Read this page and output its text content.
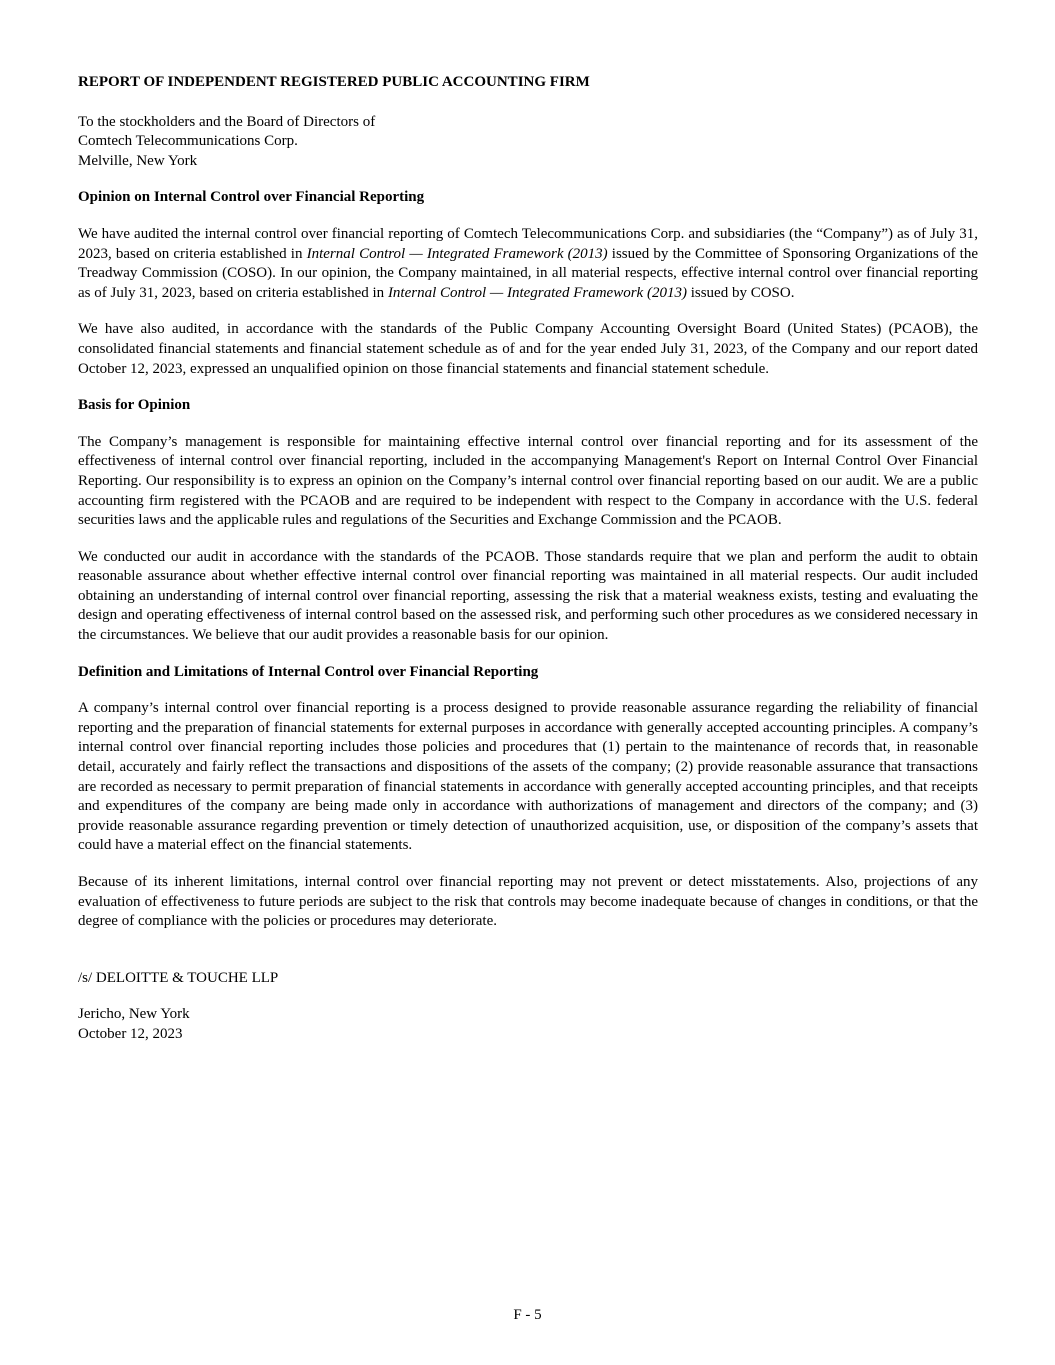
REPORT OF INDEPENDENT REGISTERED PUBLIC ACCOUNTING FIRM
To the stockholders and the Board of Directors of
Comtech Telecommunications Corp.
Melville, New York
Opinion on Internal Control over Financial Reporting
We have audited the internal control over financial reporting of Comtech Telecommunications Corp. and subsidiaries (the “Company”) as of July 31, 2023, based on criteria established in Internal Control — Integrated Framework (2013) issued by the Committee of Sponsoring Organizations of the Treadway Commission (COSO). In our opinion, the Company maintained, in all material respects, effective internal control over financial reporting as of July 31, 2023, based on criteria established in Internal Control — Integrated Framework (2013) issued by COSO.
We have also audited, in accordance with the standards of the Public Company Accounting Oversight Board (United States) (PCAOB), the consolidated financial statements and financial statement schedule as of and for the year ended July 31, 2023, of the Company and our report dated October 12, 2023, expressed an unqualified opinion on those financial statements and financial statement schedule.
Basis for Opinion
The Company’s management is responsible for maintaining effective internal control over financial reporting and for its assessment of the effectiveness of internal control over financial reporting, included in the accompanying Management's Report on Internal Control Over Financial Reporting. Our responsibility is to express an opinion on the Company’s internal control over financial reporting based on our audit. We are a public accounting firm registered with the PCAOB and are required to be independent with respect to the Company in accordance with the U.S. federal securities laws and the applicable rules and regulations of the Securities and Exchange Commission and the PCAOB.
We conducted our audit in accordance with the standards of the PCAOB. Those standards require that we plan and perform the audit to obtain reasonable assurance about whether effective internal control over financial reporting was maintained in all material respects. Our audit included obtaining an understanding of internal control over financial reporting, assessing the risk that a material weakness exists, testing and evaluating the design and operating effectiveness of internal control based on the assessed risk, and performing such other procedures as we considered necessary in the circumstances. We believe that our audit provides a reasonable basis for our opinion.
Definition and Limitations of Internal Control over Financial Reporting
A company’s internal control over financial reporting is a process designed to provide reasonable assurance regarding the reliability of financial reporting and the preparation of financial statements for external purposes in accordance with generally accepted accounting principles. A company’s internal control over financial reporting includes those policies and procedures that (1) pertain to the maintenance of records that, in reasonable detail, accurately and fairly reflect the transactions and dispositions of the assets of the company; (2) provide reasonable assurance that transactions are recorded as necessary to permit preparation of financial statements in accordance with generally accepted accounting principles, and that receipts and expenditures of the company are being made only in accordance with authorizations of management and directors of the company; and (3) provide reasonable assurance regarding prevention or timely detection of unauthorized acquisition, use, or disposition of the company’s assets that could have a material effect on the financial statements.
Because of its inherent limitations, internal control over financial reporting may not prevent or detect misstatements. Also, projections of any evaluation of effectiveness to future periods are subject to the risk that controls may become inadequate because of changes in conditions, or that the degree of compliance with the policies or procedures may deteriorate.
/s/ DELOITTE & TOUCHE LLP
Jericho, New York
October 12, 2023
F - 5
